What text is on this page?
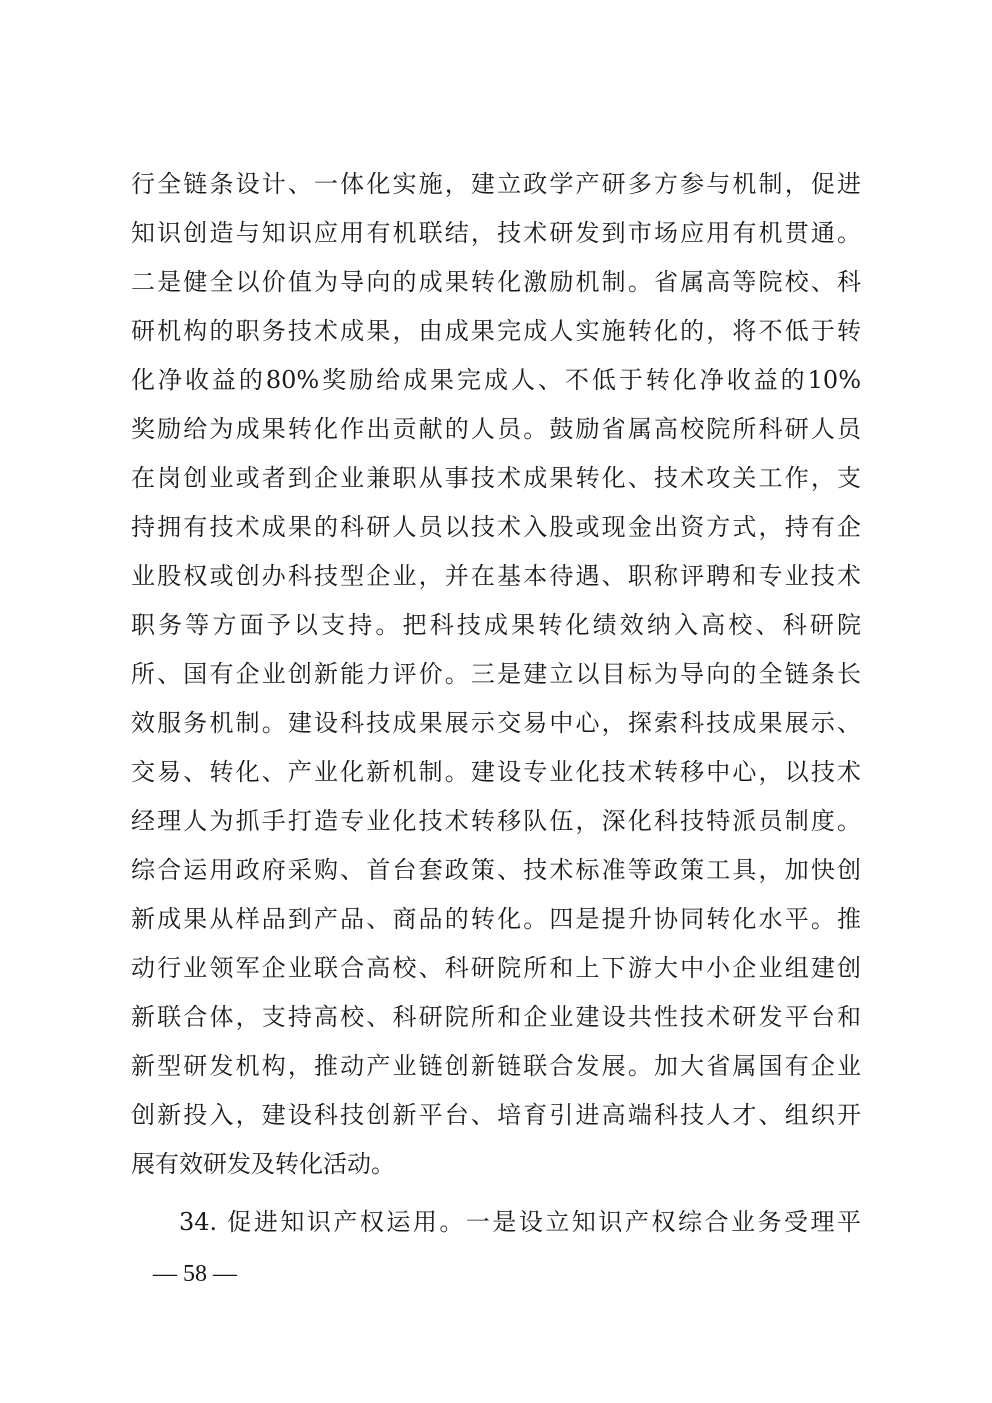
行全链条设计、一体化实施，建立政学产研多方参与机制，促进
知识创造与知识应用有机联结，技术研发到市场应用有机贯通。
二是健全以价值为导向的成果转化激励机制。省属高等院校、科
研机构的职务技术成果，由成果完成人实施转化的，将不低于转
化净收益的80%奖励给成果完成人、不低于转化净收益的10%
奖励给为成果转化作出贡献的人员。鼓励省属高校院所科研人员
在岗创业或者到企业兼职从事技术成果转化、技术攻关工作，支
持拥有技术成果的科研人员以技术入股或现金出资方式，持有企
业股权或创办科技型企业，并在基本待遇、职称评聘和专业技术
职务等方面予以支持。把科技成果转化绩效纳入高校、科研院
所、国有企业创新能力评价。三是建立以目标为导向的全链条长
效服务机制。建设科技成果展示交易中心，探索科技成果展示、
交易、转化、产业化新机制。建设专业化技术转移中心，以技术
经理人为抓手打造专业化技术转移队伍，深化科技特派员制度。
综合运用政府采购、首台套政策、技术标准等政策工具，加快创
新成果从样品到产品、商品的转化。四是提升协同转化水平。推
动行业领军企业联合高校、科研院所和上下游大中小企业组建创
新联合体，支持高校、科研院所和企业建设共性技术研发平台和
新型研发机构，推动产业链创新链联合发展。加大省属国有企业
创新投入，建设科技创新平台、培育引进高端科技人才、组织开
展有效研发及转化活动。
34. 促进知识产权运用。一是设立知识产权综合业务受理平
— 58 —
